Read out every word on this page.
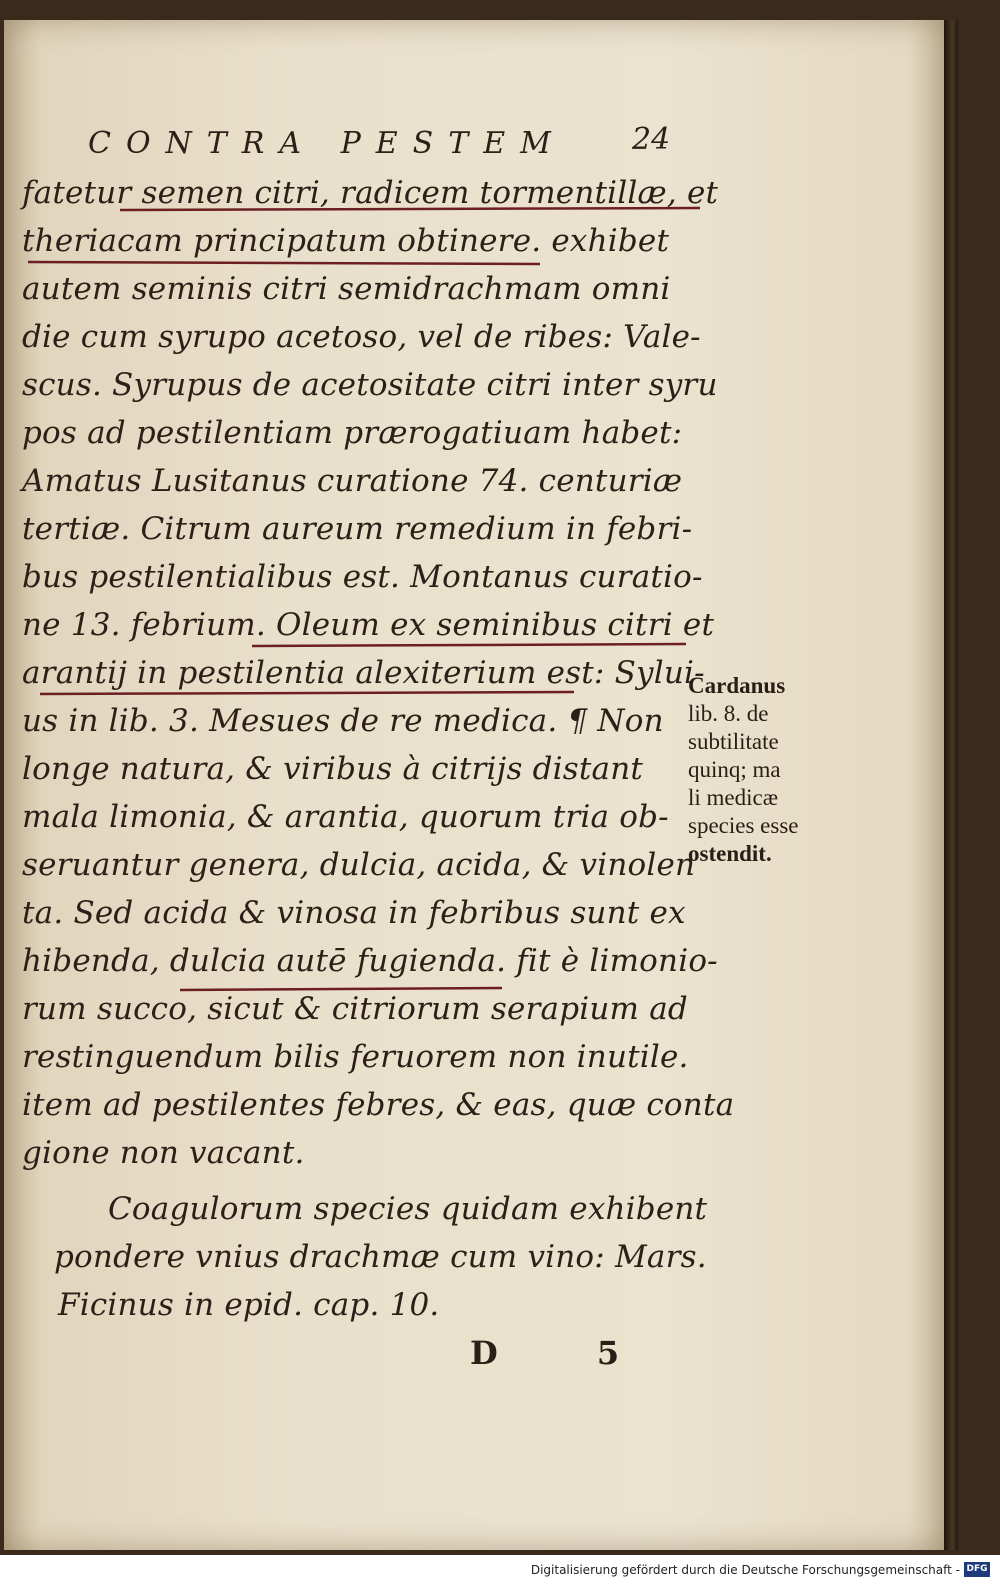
CONTRA PESTEM 24
fatetur semen citri, radicem tormentillæ, et
theriacam principatum obtinere. exhibet
autem seminis citri semidrachmam omni
die cum syrupo acetoso, vel de ribes: Vale-
scus. Syrupus de acetositate citri inter syru
pos ad pestilentiam prærogatiuam habet:
Amatus Lusitanus curatione 74. centuriæ
tertiæ. Citrum aureum remedium in febri-
bus pestilentialibus est. Montanus curatio-
ne 13. febrium. Oleum ex seminibus citri et
arantij in pestilentia alexiterium est: Sylui-
us in lib. 3. Mesues de re medica. ¶ Non
longe natura, & viribus à citrijs distant
mala limonia, & arantia, quorum tria ob-
seruantur genera, dulcia, acida, & vinolen
ta. Sed acida & vinosa in febribus sunt ex
hibenda, dulcia autē fugienda. fit è limonio-
rum succo, sicut & citriorum serapium ad
restinguendum bilis feruorem non inutile.
item ad pestilentes febres, & eas, quæ conta
gione non vacant.
Coagulorum species quidam exhibent
pondere vnius drachmæ cum vino: Mars.
Ficinus in epid. cap. 10.
Cardanus
lib. 8. de
subtilitate
quinq; ma
li medicæ
species esse
ostendit.
D 5
Digitalisierung gefördert durch die Deutsche Forschungsgemeinschaft - DFG
